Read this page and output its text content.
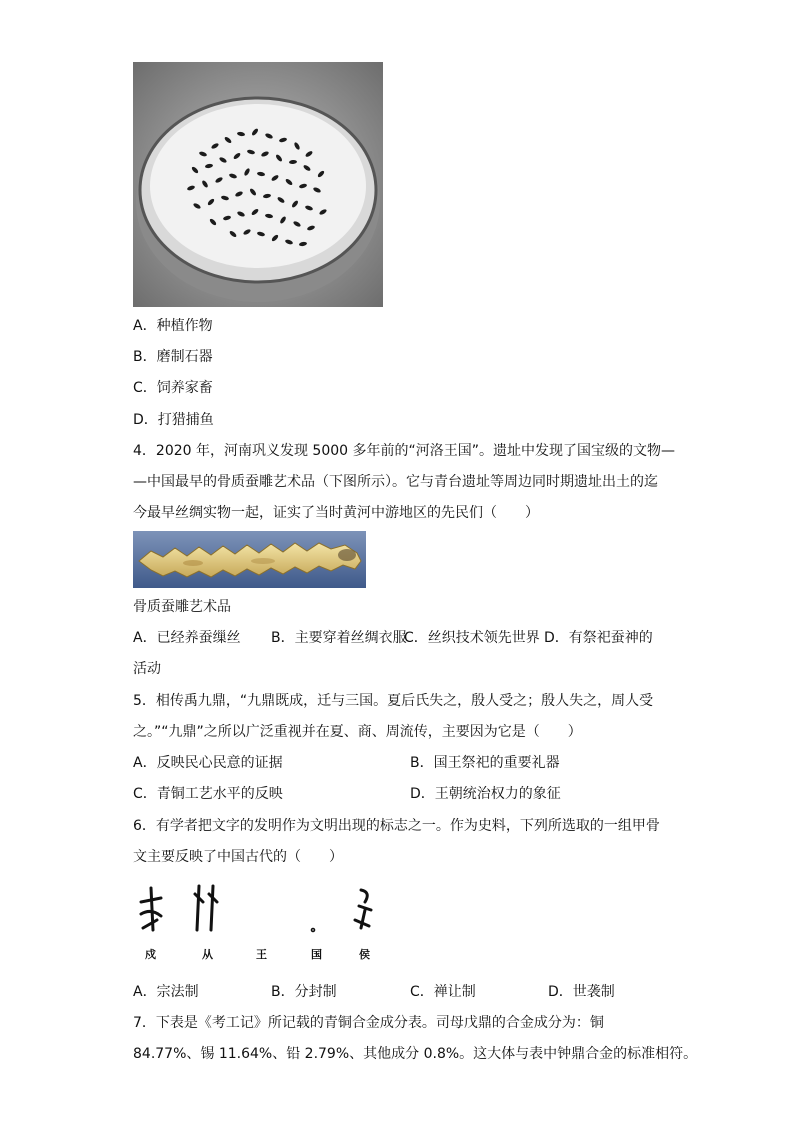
A．种植作物
B．磨制石器
C．饲养家畜
D．打猎捕鱼
4．2020 年，河南巩义发现 5000 多年前的“河洛王国”。遗址中发现了国宝级的文物—
—中国最早的骨质蚕雕艺术品（下图所示）。它与青台遗址等周边同时期遗址出土的迄
今最早丝绸实物一起，证实了当时黄河中游地区的先民们（　　）
骨质蚕雕艺术品
A．已经养蚕缫丝 B．主要穿着丝绸衣服
C．丝织技术领先世界 D．有祭祀蚕神的
活动
5．相传禹九鼎，“九鼎既成，迁与三国。夏后氏失之，殷人受之；殷人失之，周人受
之。”“九鼎”之所以广泛重视并在夏、商、周流传，主要因为它是（　　）
A．反映民心民意的证据	B．国王祭祀的重要礼器
C．青铜工艺水平的反映	D．王朝统治权力的象征
6．有学者把文字的发明作为文明出现的标志之一。作为史料，下列所选取的一组甲骨
文主要反映了中国古代的（　　）
戍	从	王	国	侯
A．宗法制	B．分封制	C．禅让制	D．世袭制
7．下表是《考工记》所记载的青铜合金成分表。司母戊鼎的合金成分为：铜
84.77%、锡 11.64%、铅 2.79%、其他成分 0.8%。这大体与表中钟鼎合金的标准相符。
